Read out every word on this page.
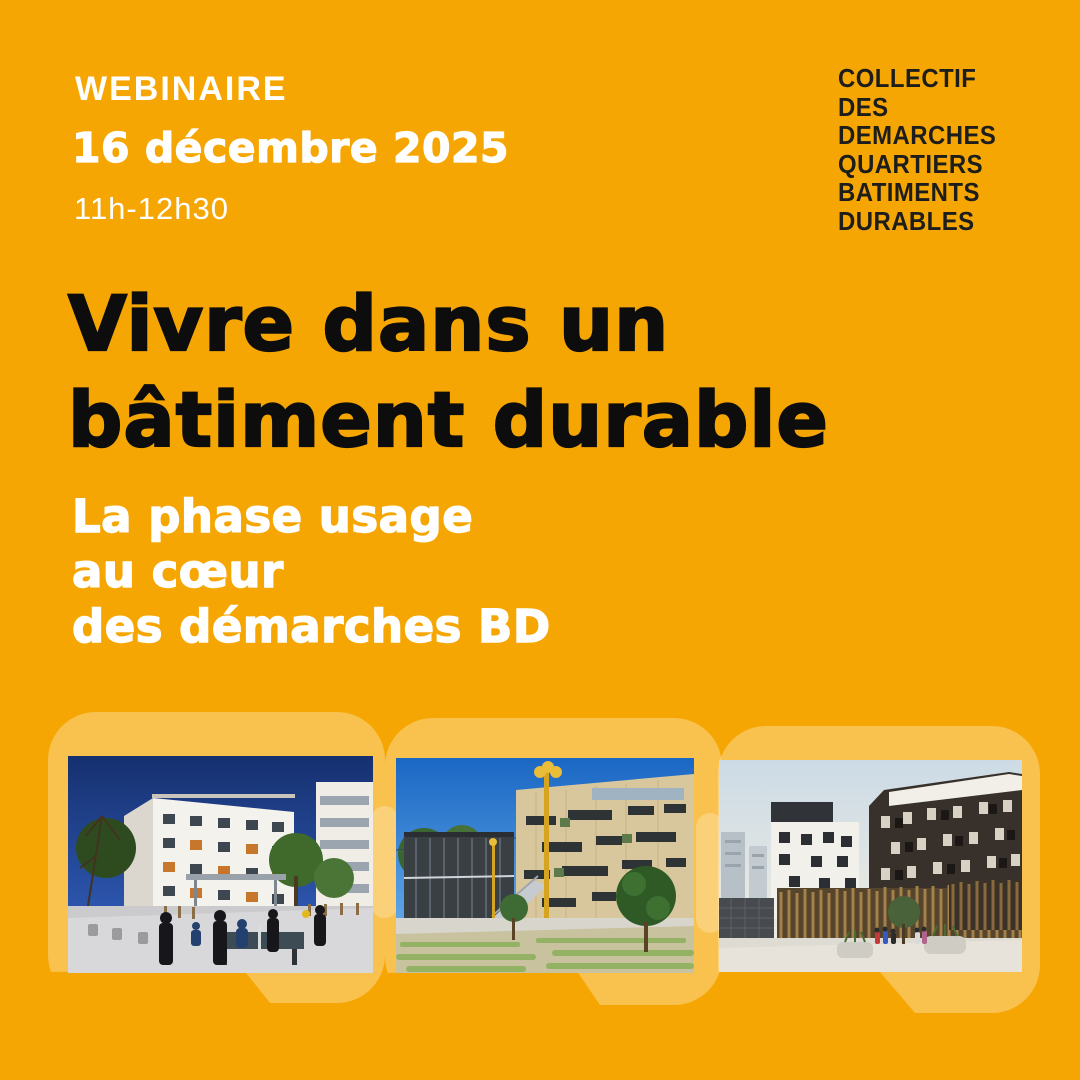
WEBINAIRE
16 décembre 2025
11h-12h30
COLLECTIF
DES
DEMARCHES
QUARTIERS
BATIMENTS
DURABLES
Vivre dans un
bâtiment durable
La phase usage
au cœur
des démarches BD
